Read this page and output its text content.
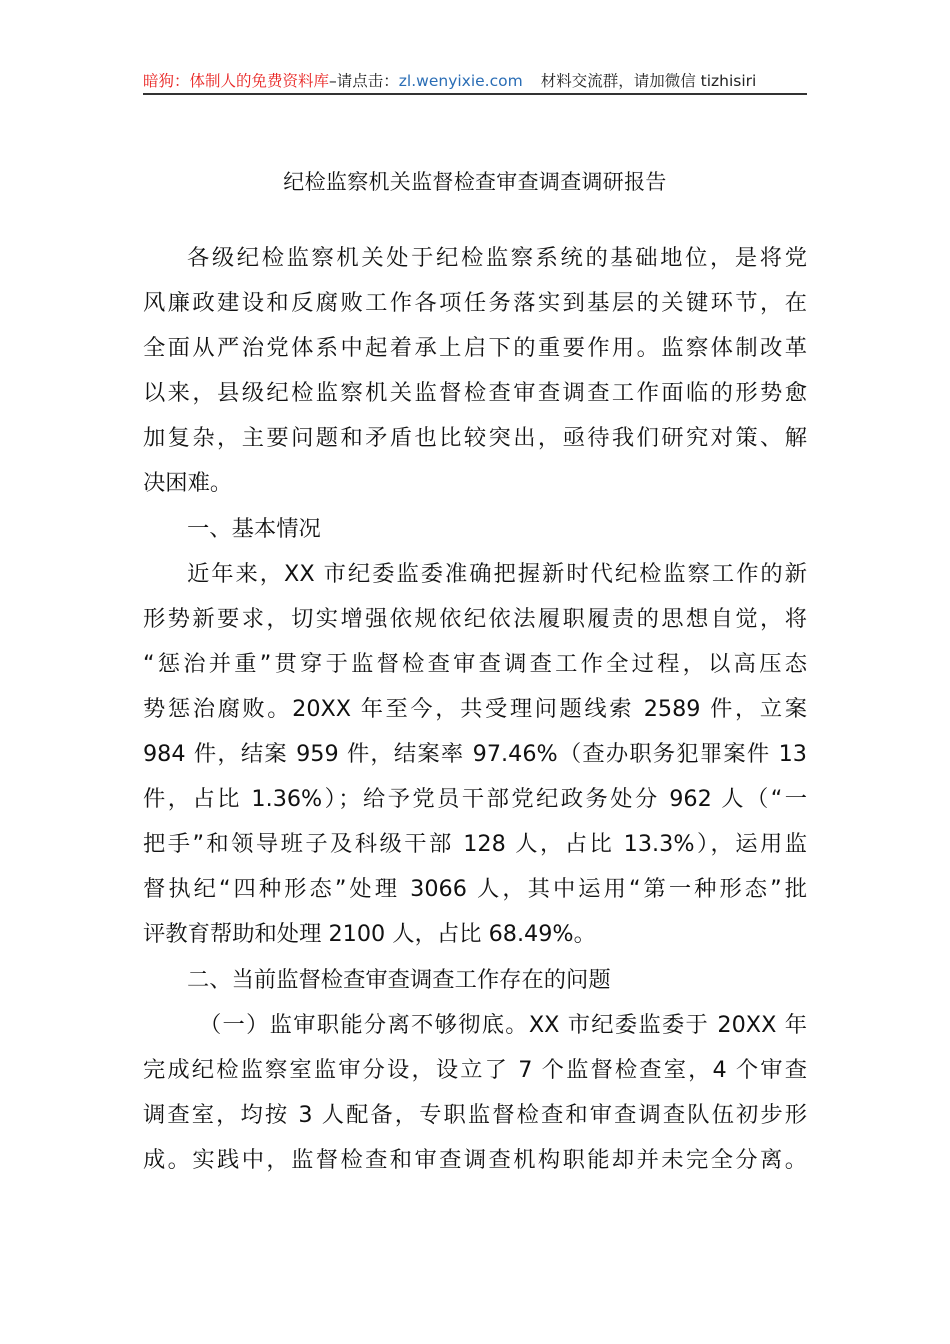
暗狗：体制人的免费资料库–请点击：zl.wenyixie.com 材料交流群，请加微信 tizhisiri
纪检监察机关监督检查审查调查调研报告
各级纪检监察机关处于纪检监察系统的基础地位，是将党
风廉政建设和反腐败工作各项任务落实到基层的关键环节，在
全面从严治党体系中起着承上启下的重要作用。监察体制改革
以来，县级纪检监察机关监督检查审查调查工作面临的形势愈
加复杂，主要问题和矛盾也比较突出，亟待我们研究对策、解
决困难。
一、基本情况
近年来，XX 市纪委监委准确把握新时代纪检监察工作的新
形势新要求，切实增强依规依纪依法履职履责的思想自觉，将
“惩治并重”贯穿于监督检查审查调查工作全过程，以高压态
势惩治腐败。20XX 年至今，共受理问题线索 2589 件，立案
984 件，结案 959 件，结案率 97.46%（查办职务犯罪案件 13
件，占比 1.36%）；给予党员干部党纪政务处分 962 人（“一
把手”和领导班子及科级干部 128 人，占比 13.3%），运用监
督执纪“四种形态”处理 3066 人，其中运用“第一种形态”批
评教育帮助和处理 2100 人，占比 68.49%。
二、当前监督检查审查调查工作存在的问题
（一）监审职能分离不够彻底。XX 市纪委监委于 20XX 年
完成纪检监察室监审分设，设立了 7 个监督检查室，4 个审查
调查室，均按 3 人配备，专职监督检查和审查调查队伍初步形
成。实践中，监督检查和审查调查机构职能却并未完全分离。
